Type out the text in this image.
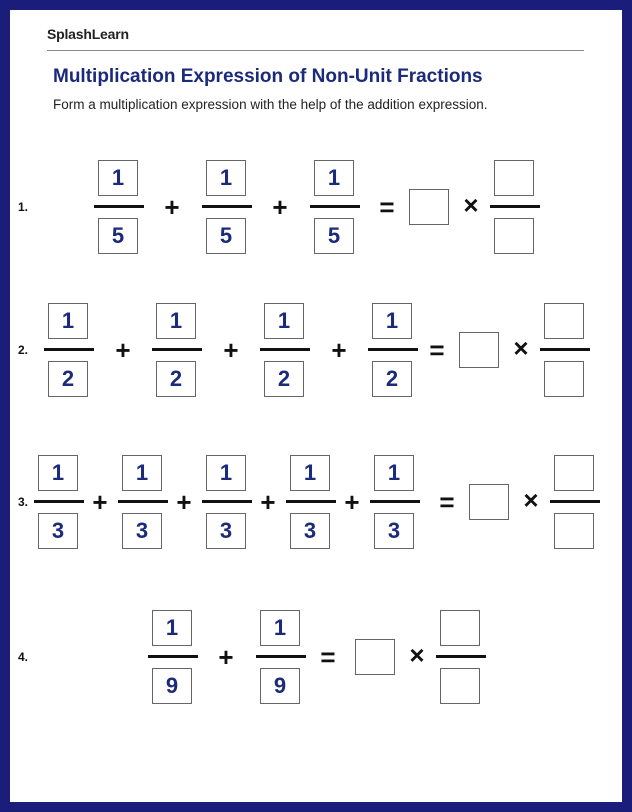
SplashLearn
Multiplication Expression of Non-Unit Fractions
Form a multiplication expression with the help of the addition expression.
1.	$\frac{1}{5}$	$\frac{1}{5}$	$\frac{1}{5}$
+	+	=	×
2. $\frac{1}{2}$	$\frac{1}{2}$	$\frac{1}{2}$	$\frac{1}{2}$
+	+	+	=	×
3. $\frac{1}{3} \frac{1}{3} \frac{1}{3} \frac{1}{3} \frac{1}{3}$
+	+	+	+	=	×
4.	$\frac{1}{9}$	$\frac{1}{9}$
+	=	×
